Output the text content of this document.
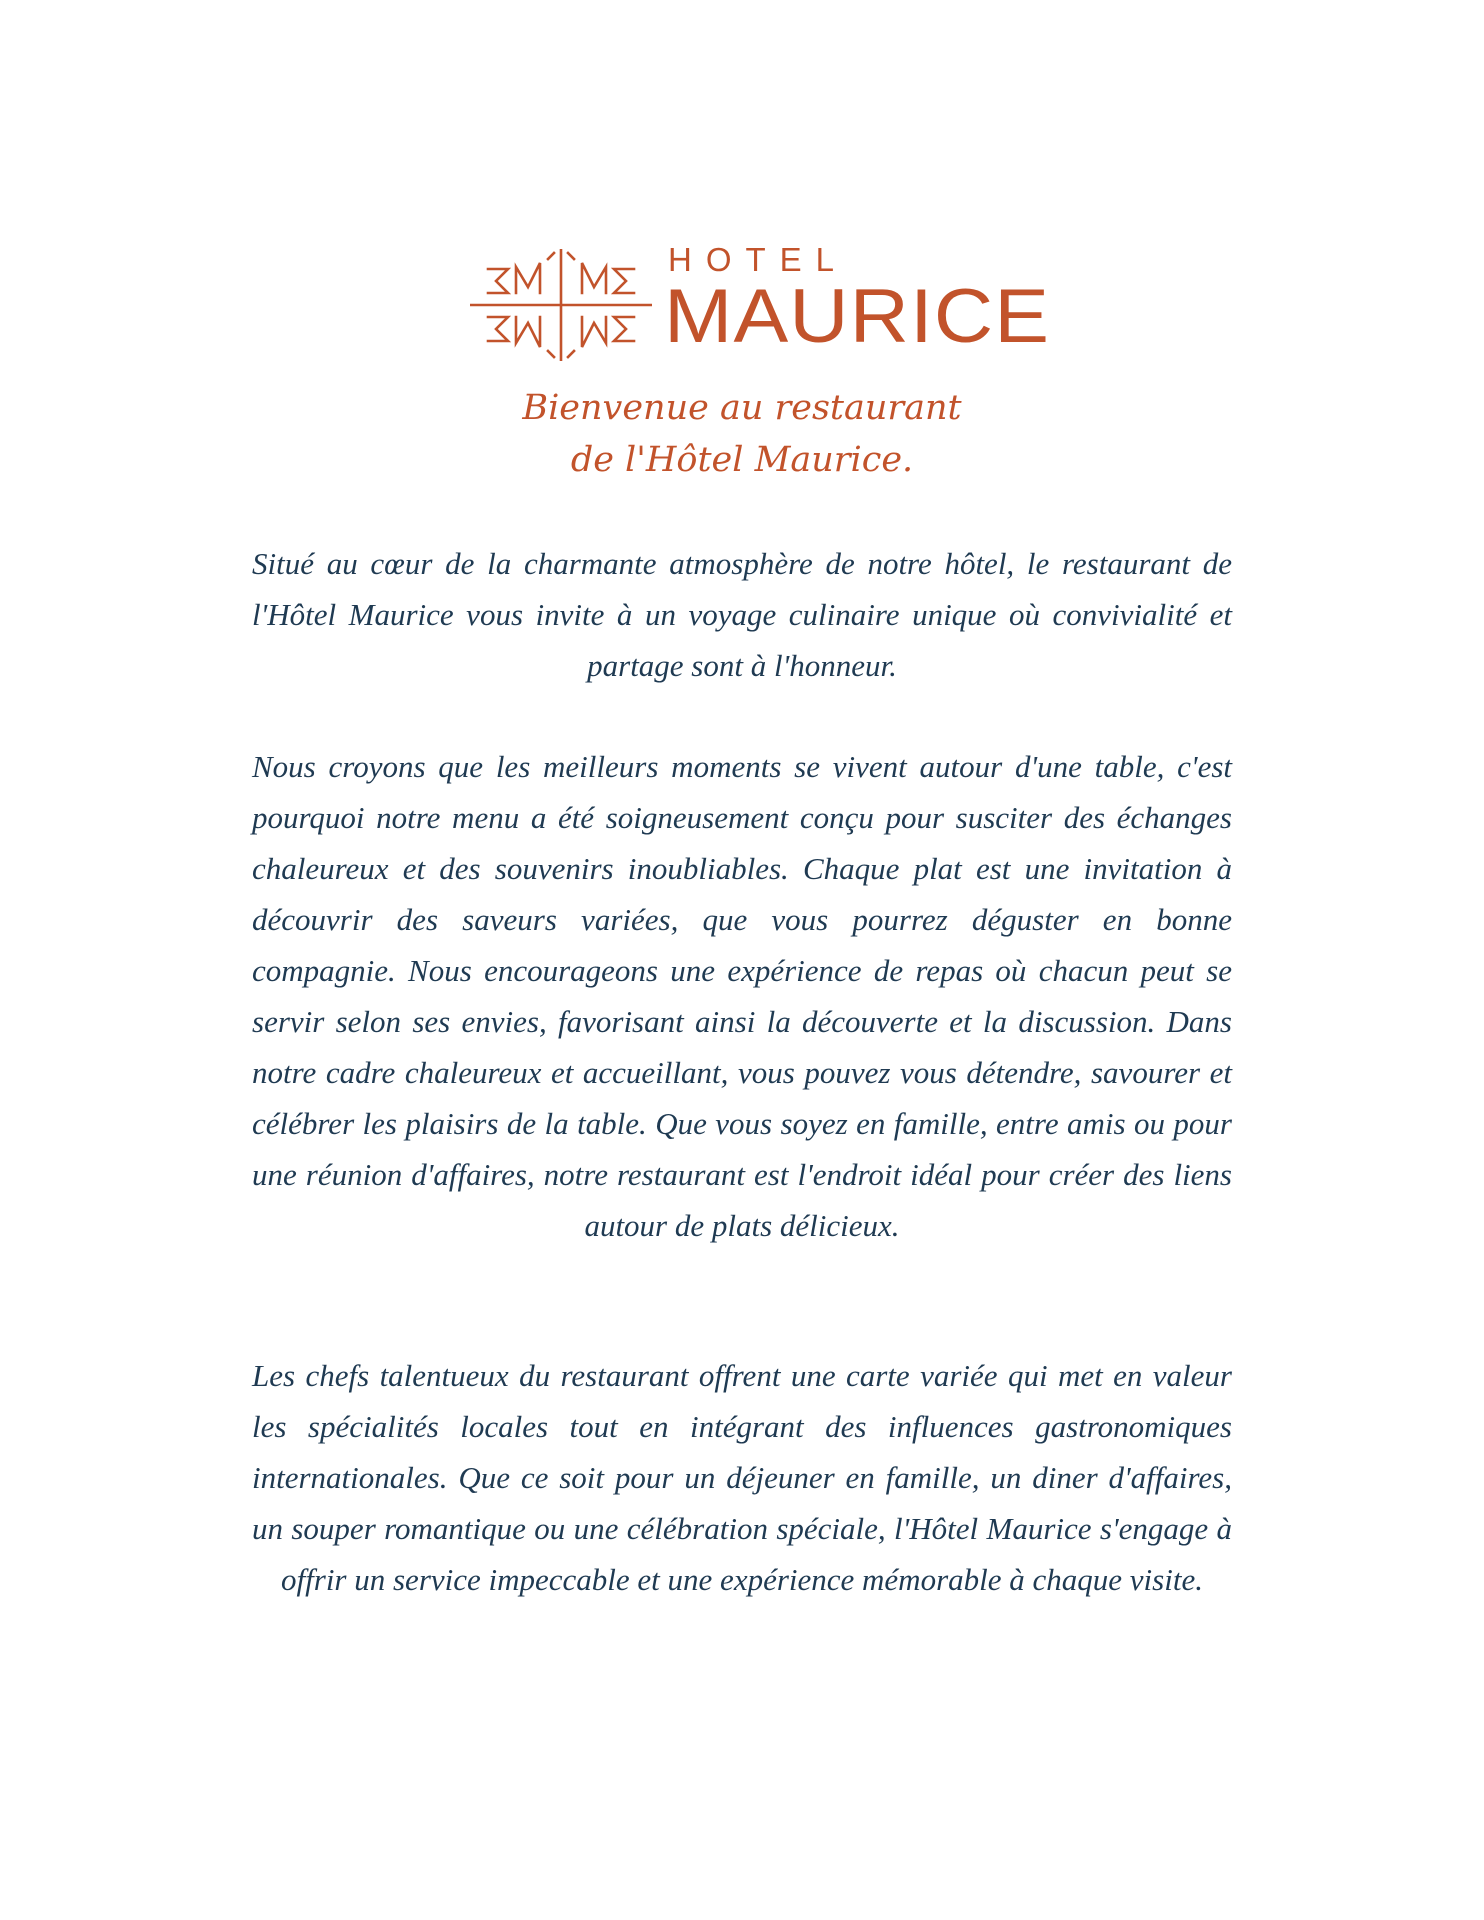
HOTEL
MAURICE
Bienvenue au restaurant
de l'Hôtel Maurice.

Situé au cœur de la charmante atmosphère de notre hôtel, le restaurant de l'Hôtel Maurice vous invite à un voyage culinaire unique où convivialité et partage sont à l'honneur.

Nous croyons que les meilleurs moments se vivent autour d'une table, c'est pourquoi notre menu a été soigneusement conçu pour susciter des échanges chaleureux et des souvenirs inoubliables. Chaque plat est une invitation à découvrir des saveurs variées, que vous pourrez déguster en bonne compagnie. Nous encourageons une expérience de repas où chacun peut se servir selon ses envies, favorisant ainsi la découverte et la discussion. Dans notre cadre chaleureux et accueillant, vous pouvez vous détendre, savourer et célébrer les plaisirs de la table. Que vous soyez en famille, entre amis ou pour une réunion d'affaires, notre restaurant est l'endroit idéal pour créer des liens autour de plats délicieux.

Les chefs talentueux du restaurant offrent une carte variée qui met en valeur les spécialités locales tout en intégrant des influences gastronomiques internationales. Que ce soit pour un déjeuner en famille, un diner d'affaires, un souper romantique ou une célébration spéciale, l'Hôtel Maurice s'engage à offrir un service impeccable et une expérience mémorable à chaque visite.
